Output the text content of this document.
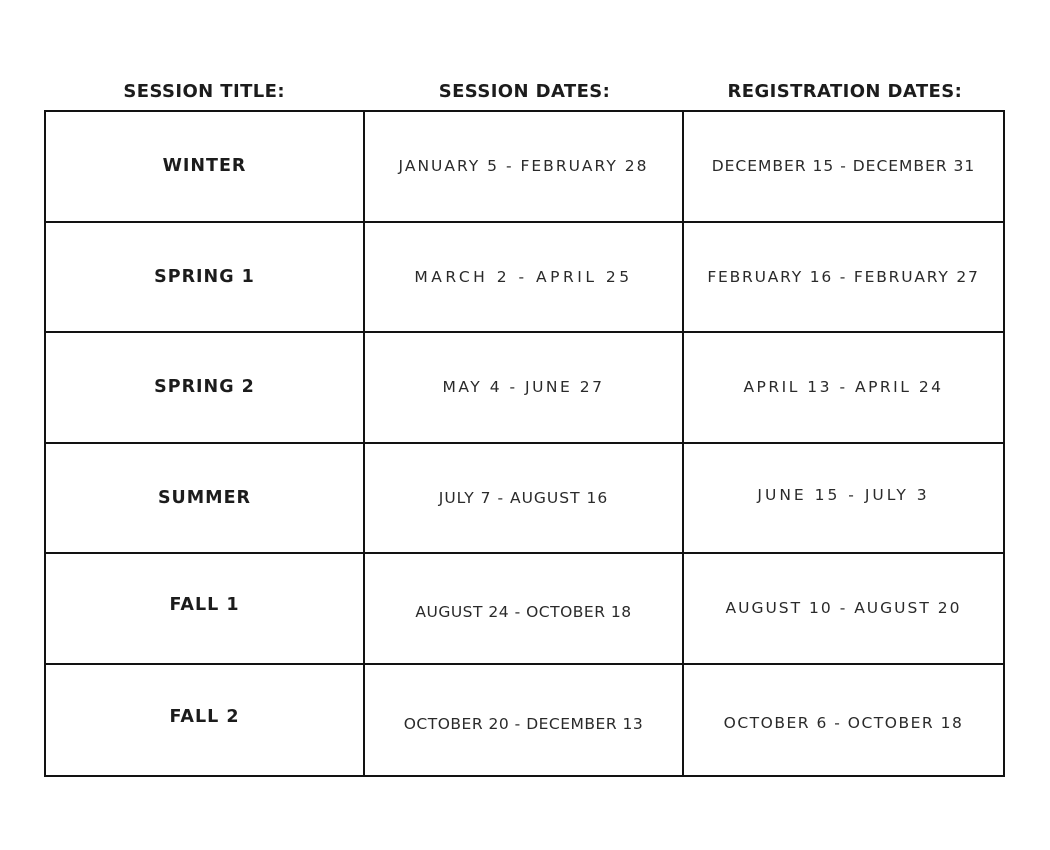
SESSION TITLE:	SESSION DATES:	REGISTRATION DATES:
WINTER	JANUARY 5 - FEBRUARY 28	DECEMBER 15 - DECEMBER 31
SPRING 1	MARCH 2 - APRIL 25	FEBRUARY 16 - FEBRUARY 27
SPRING 2	MAY 4 - JUNE 27	APRIL 13 - APRIL 24
SUMMER	JULY 7 - AUGUST 16	JUNE 15 - JULY 3
FALL 1	AUGUST 24 - OCTOBER 18	AUGUST 10 - AUGUST 20
FALL 2	OCTOBER 20 - DECEMBER 13	OCTOBER 6 - OCTOBER 18
